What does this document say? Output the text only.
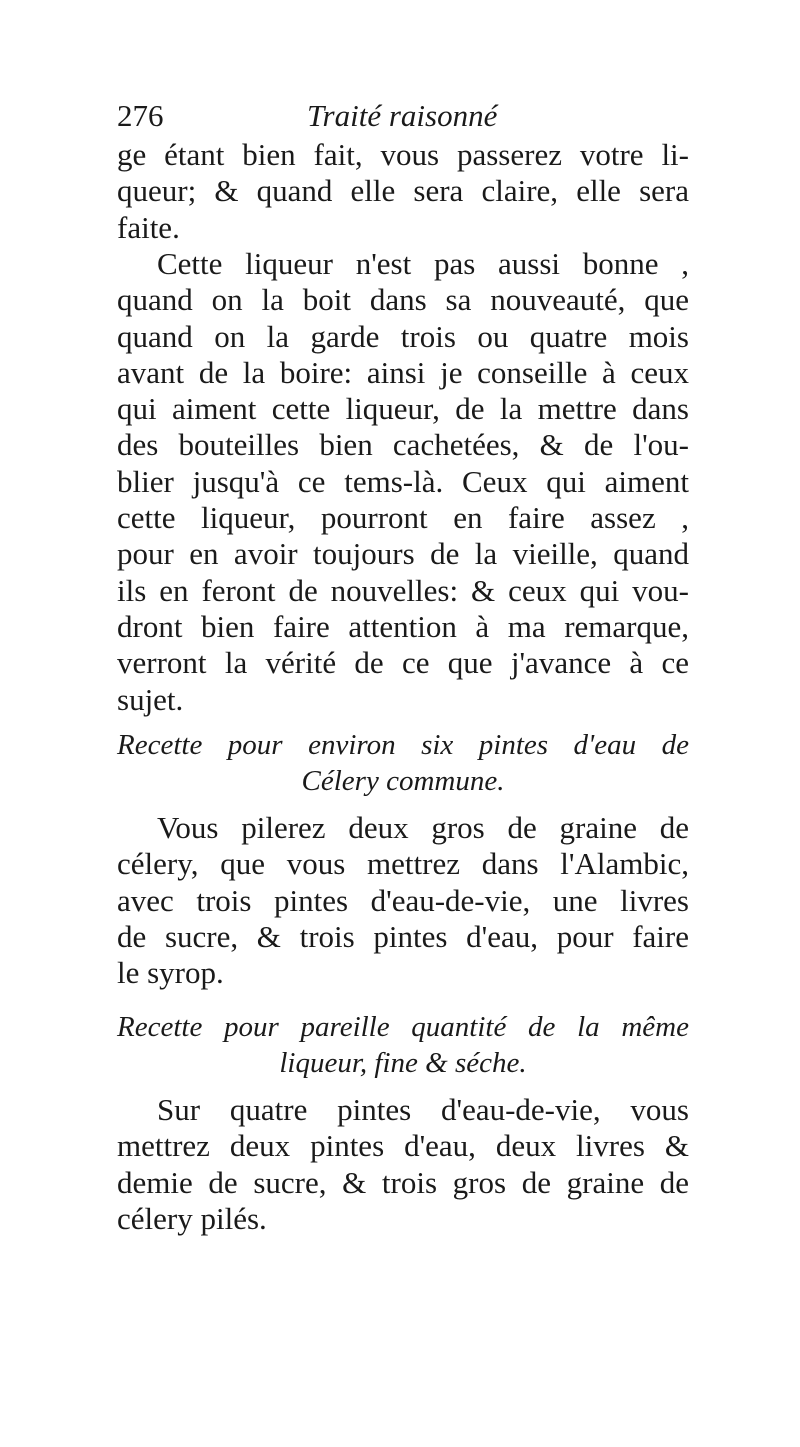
276	Traité raisonné
ge étant bien fait, vous passerez votre li-
queur; & quand elle sera claire, elle sera
faite.
Cette liqueur n'est pas aussi bonne ,
quand on la boit dans sa nouveauté, que
quand on la garde trois ou quatre mois
avant de la boire: ainsi je conseille à ceux
qui aiment cette liqueur, de la mettre dans
des bouteilles bien cachetées, & de l'ou-
blier jusqu'à ce tems-là. Ceux qui aiment
cette liqueur, pourront en faire assez ,
pour en avoir toujours de la vieille, quand
ils en feront de nouvelles: & ceux qui vou-
dront bien faire attention à ma remarque,
verront la vérité de ce que j'avance à ce
sujet.
Recette pour environ six pintes d'eau de
Célery commune.
Vous pilerez deux gros de graine de
célery, que vous mettrez dans l'Alambic,
avec trois pintes d'eau-de-vie, une livres
de sucre, & trois pintes d'eau, pour faire
le syrop.
Recette pour pareille quantité de la même
liqueur, fine & séche.
Sur quatre pintes d'eau-de-vie, vous
mettrez deux pintes d'eau, deux livres &
demie de sucre, & trois gros de graine de
célery pilés.
